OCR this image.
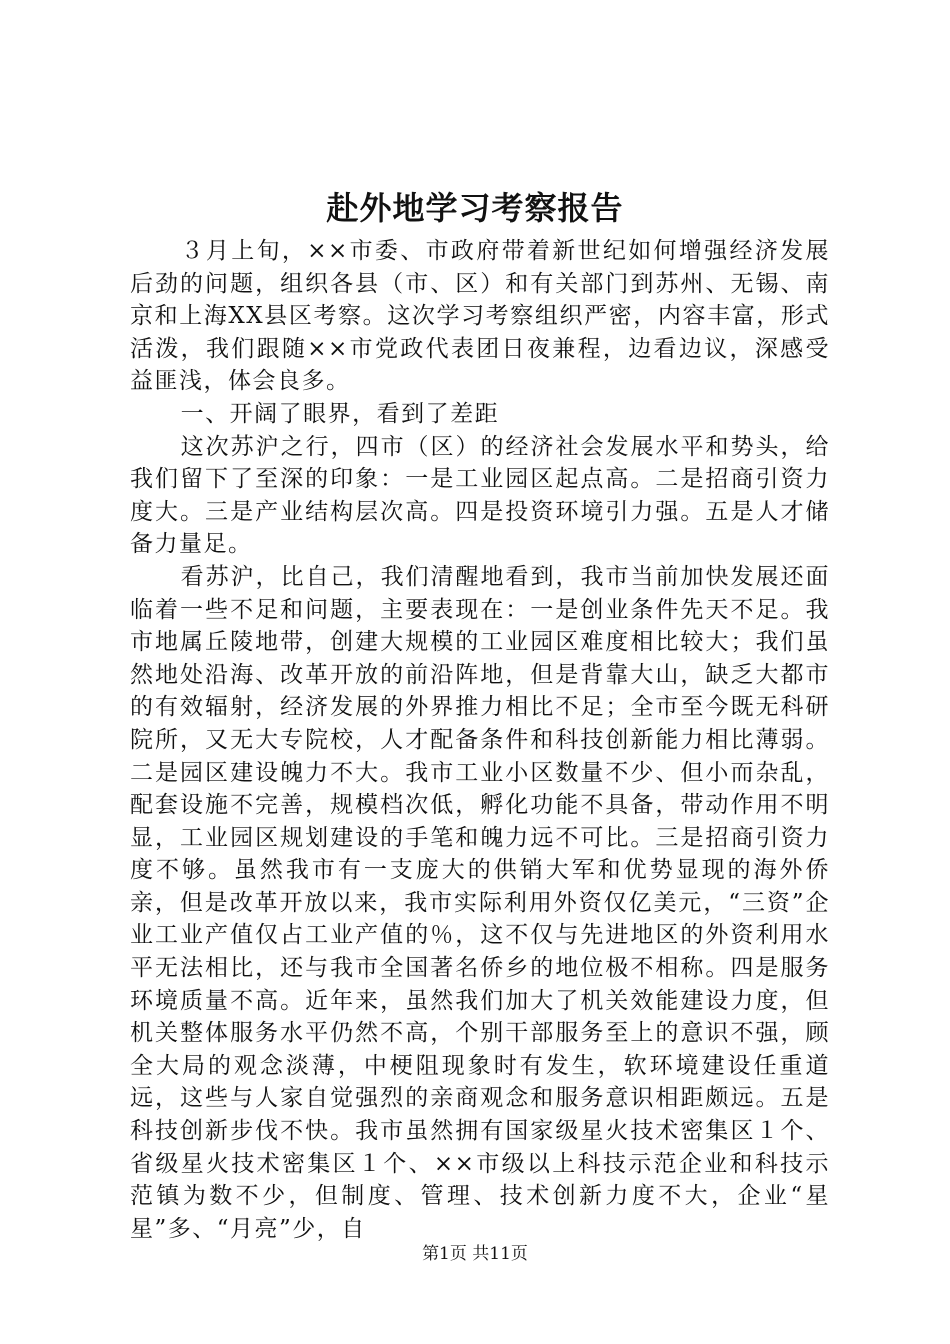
赴外地学习考察报告

３月上旬，××市委、市政府带着新世纪如何增强经济发展后劲的问题，组织各县（市、区）和有关部门到苏州、无锡、南京和上海XX县区考察。这次学习考察组织严密，内容丰富，形式活泼，我们跟随××市党政代表团日夜兼程，边看边议，深感受益匪浅，体会良多。

一、开阔了眼界，看到了差距

这次苏沪之行，四市（区）的经济社会发展水平和势头，给我们留下了至深的印象：一是工业园区起点高。二是招商引资力度大。三是产业结构层次高。四是投资环境引力强。五是人才储备力量足。

看苏沪，比自己，我们清醒地看到，我市当前加快发展还面临着一些不足和问题，主要表现在：一是创业条件先天不足。我市地属丘陵地带，创建大规模的工业园区难度相比较大；我们虽然地处沿海、改革开放的前沿阵地，但是背靠大山，缺乏大都市的有效辐射，经济发展的外界推力相比不足；全市至今既无科研院所，又无大专院校，人才配备条件和科技创新能力相比薄弱。二是园区建设魄力不大。我市工业小区数量不少、但小而杂乱，配套设施不完善，规模档次低，孵化功能不具备，带动作用不明显，工业园区规划建设的手笔和魄力远不可比。三是招商引资力度不够。虽然我市有一支庞大的供销大军和优势显现的海外侨亲，但是改革开放以来，我市实际利用外资仅亿美元，“三资”企业工业产值仅占工业产值的％，这不仅与先进地区的外资利用水平无法相比，还与我市全国著名侨乡的地位极不相称。四是服务环境质量不高。近年来，虽然我们加大了机关效能建设力度，但机关整体服务水平仍然不高，个别干部服务至上的意识不强，顾全大局的观念淡薄，中梗阻现象时有发生，软环境建设任重道远，这些与人家自觉强烈的亲商观念和服务意识相距颇远。五是科技创新步伐不快。我市虽然拥有国家级星火技术密集区１个、省级星火技术密集区１个、××市级以上科技示范企业和科技示范镇为数不少，但制度、管理、技术创新力度不大，企业“星星”多、“月亮”少，自

第1页 共11页
